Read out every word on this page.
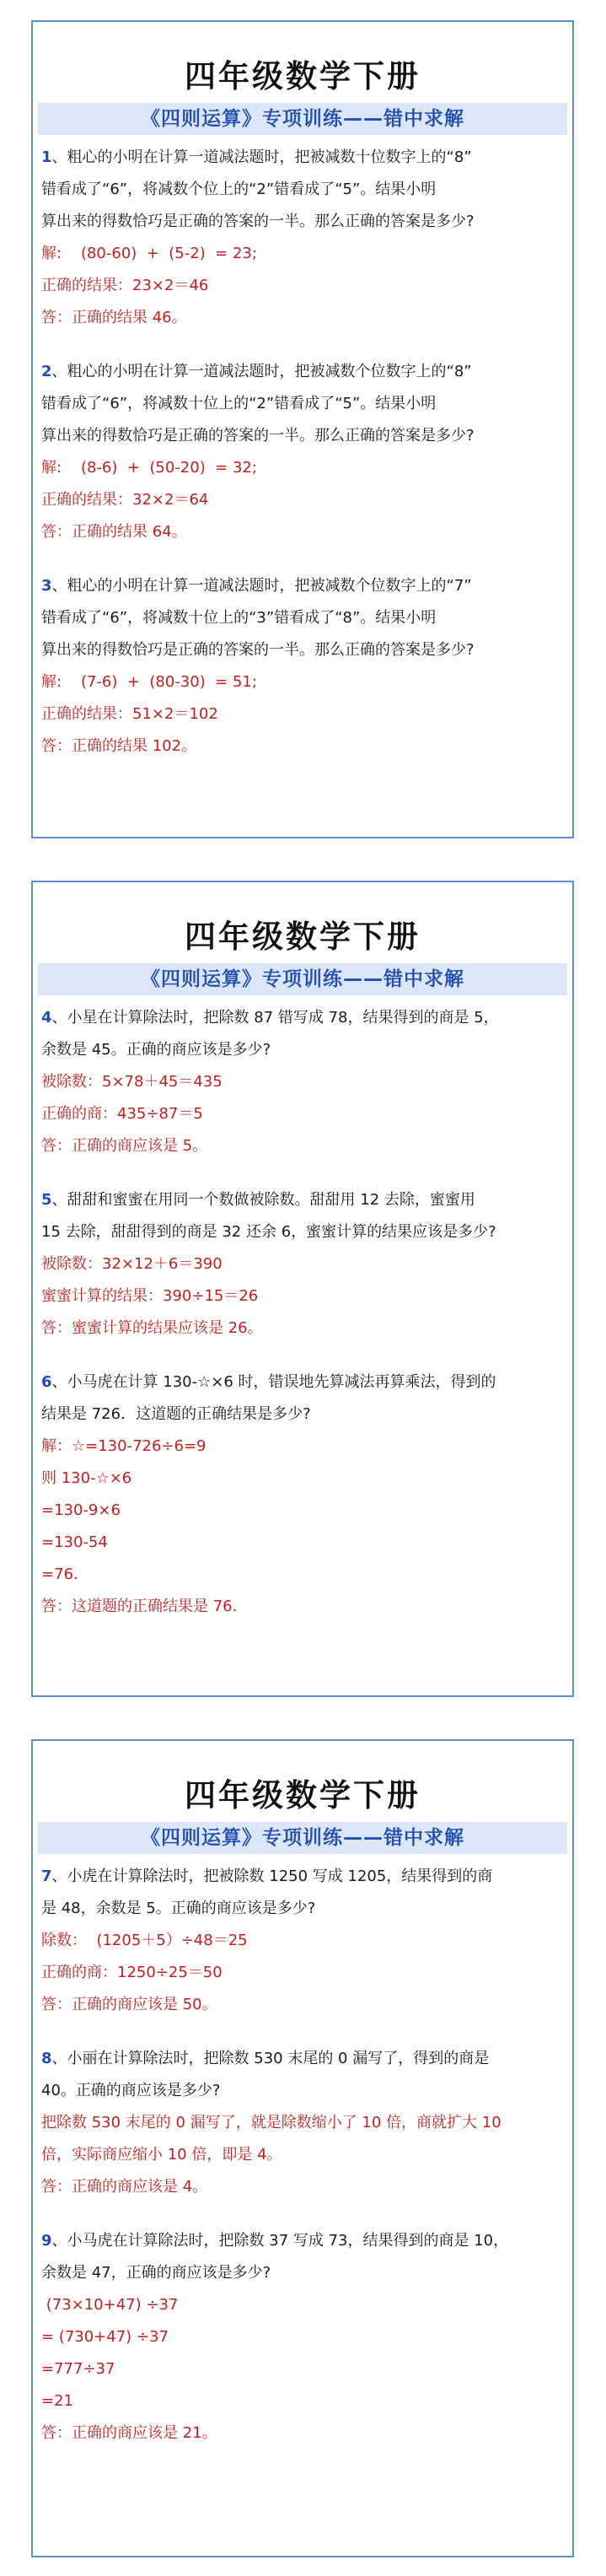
四年级数学下册
《四则运算》专项训练——错中求解

1、粗心的小明在计算一道减法题时，把被减数十位数字上的“8”

错看成了“6”，将减数个位上的“2”错看成了“5”。结果小明

算出来的得数恰巧是正确的答案的一半。那么正确的答案是多少?

解:    (80-60)  +  (5-2)  = 23;

正确的结果：23×2＝46

答：正确的结果 46。

2、粗心的小明在计算一道减法题时，把被减数个位数字上的“8”

错看成了“6”，将减数十位上的“2”错看成了“5”。结果小明

算出来的得数恰巧是正确的答案的一半。那么正确的答案是多少?

解:    (8-6)  +  (50-20)  = 32;

正确的结果：32×2＝64

答：正确的结果 64。

3、粗心的小明在计算一道减法题时，把被减数个位数字上的“7”

错看成了“6”，将减数十位上的“3”错看成了“8”。结果小明

算出来的得数恰巧是正确的答案的一半。那么正确的答案是多少?

解:    (7-6)  +  (80-30)  = 51;

正确的结果：51×2＝102

答：正确的结果 102。

四年级数学下册
《四则运算》专项训练——错中求解

4、小星在计算除法时，把除数 87 错写成 78，结果得到的商是 5，

余数是 45。正确的商应该是多少?

被除数：5×78＋45＝435

正确的商：435÷87＝5

答：正确的商应该是 5。

5、甜甜和蜜蜜在用同一个数做被除数。甜甜用 12 去除，蜜蜜用

15 去除，甜甜得到的商是 32 还余 6，蜜蜜计算的结果应该是多少?

被除数：32×12＋6＝390

蜜蜜计算的结果：390÷15＝26

答：蜜蜜计算的结果应该是 26。

6、小马虎在计算 130-☆×6 时，错误地先算减法再算乘法，得到的

结果是 726．这道题的正确结果是多少?

解：☆=130-726÷6=9

则 130-☆×6

=130-9×6

=130-54

=76．

答：这道题的正确结果是 76．

四年级数学下册
《四则运算》专项训练——错中求解

7、小虎在计算除法时，把被除数 1250 写成 1205，结果得到的商

是 48，余数是 5。正确的商应该是多少?

除数：  (1205＋5）÷48＝25

正确的商：1250÷25＝50

答：正确的商应该是 50。

8、小丽在计算除法时，把除数 530 末尾的 0 漏写了，得到的商是

40。正确的商应该是多少?

把除数 530 末尾的 0 漏写了，就是除数缩小了 10 倍，商就扩大 10

倍，实际商应缩小 10 倍，即是 4。

答：正确的商应该是 4。

9、小马虎在计算除法时，把除数 37 写成 73，结果得到的商是 10，

余数是 47，正确的商应该是多少?

(73×10+47) ÷37

= (730+47) ÷37

=777÷37

=21

答：正确的商应该是 21。
